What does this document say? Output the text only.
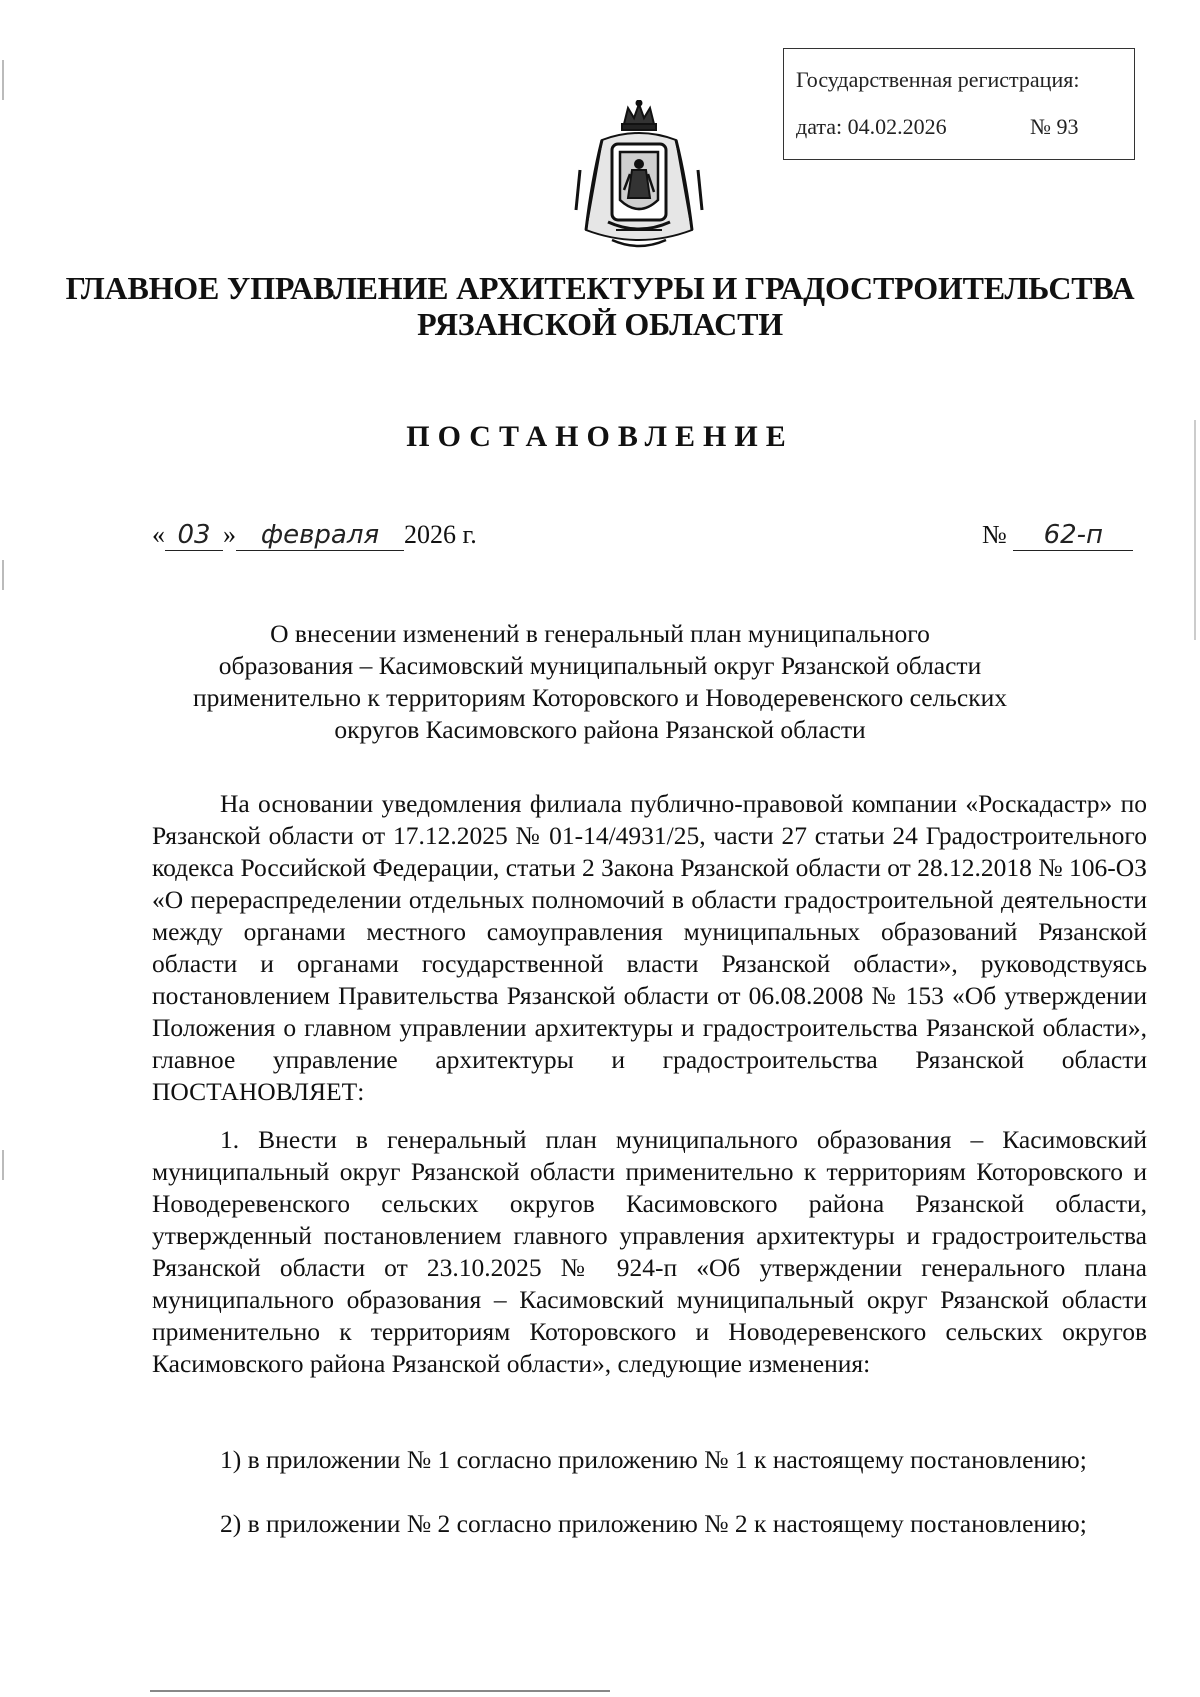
Государственная регистрация:
дата: 04.02.2026	№ 93
ГЛАВНОЕ УПРАВЛЕНИЕ АРХИТЕКТУРЫ И ГРАДОСТРОИТЕЛЬСТВА
РЯЗАНСКОЙ ОБЛАСТИ
ПОСТАНОВЛЕНИЕ
« 03 » февраля 2026 г.	№ 62-п
О внесении изменений в генеральный план муниципального
образования – Касимовский муниципальный округ Рязанской области
применительно к территориям Которовского и Новодеревенского сельских
округов Касимовского района Рязанской области

На основании уведомления филиала публично-правовой компании «Роскадастр» по Рязанской области от 17.12.2025 № 01-14/4931/25, части 27 статьи 24 Градостроительного кодекса Российской Федерации, статьи 2 Закона Рязанской области от 28.12.2018 № 106-ОЗ «О перераспределении отдельных полномочий в области градостроительной деятельности между органами местного самоуправления муниципальных образований Рязанской области и органами государственной власти Рязанской области», руководствуясь постановлением Правительства Рязанской области от 06.08.2008 № 153 «Об утверждении Положения о главном управлении архитектуры и градостроительства Рязанской области», главное управление архитектуры и градостроительства Рязанской области ПОСТАНОВЛЯЕТ:

1. Внести в генеральный план муниципального образования – Касимовский муниципальный округ Рязанской области применительно к территориям Которовского и Новодеревенского сельских округов Касимовского района Рязанской области, утвержденный постановлением главного управления архитектуры и градостроительства Рязанской области от 23.10.2025 № 924-п «Об утверждении генерального плана муниципального образования – Касимовский муниципальный округ Рязанской области применительно к территориям Которовского и Новодеревенского сельских округов Касимовского района Рязанской области», следующие изменения:

1) в приложении № 1 согласно приложению № 1 к настоящему постановлению;

2) в приложении № 2 согласно приложению № 2 к настоящему постановлению;
